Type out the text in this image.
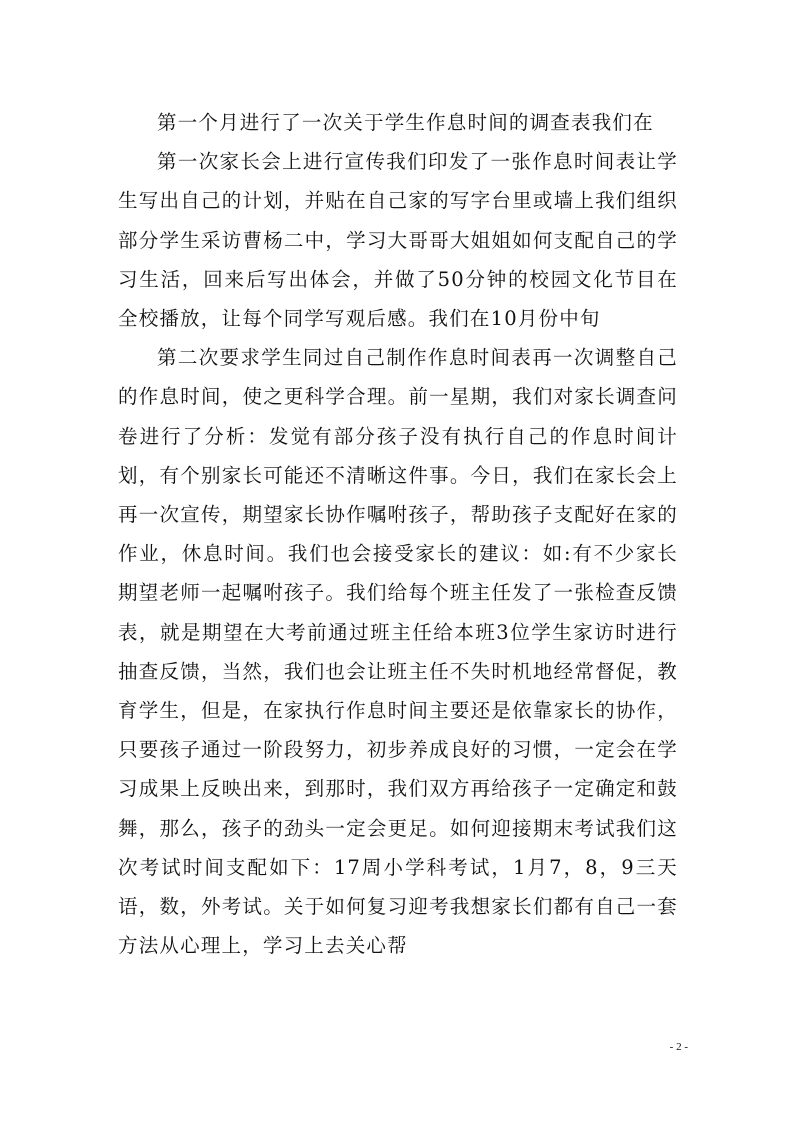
第一个月进行了一次关于学生作息时间的调查表我们在

第一次家长会上进行宣传我们印发了一张作息时间表让学生写出自己的计划，并贴在自己家的写字台里或墙上我们组织部分学生采访曹杨二中，学习大哥哥大姐姐如何支配自己的学习生活，回来后写出体会，并做了50分钟的校园文化节目在全校播放，让每个同学写观后感。我们在10月份中旬

第二次要求学生同过自己制作作息时间表再一次调整自己的作息时间，使之更科学合理。前一星期，我们对家长调查问卷进行了分析：发觉有部分孩子没有执行自己的作息时间计划，有个别家长可能还不清晰这件事。今日，我们在家长会上再一次宣传，期望家长协作嘱咐孩子，帮助孩子支配好在家的作业，休息时间。我们也会接受家长的建议：如:有不少家长期望老师一起嘱咐孩子。我们给每个班主任发了一张检查反馈表，就是期望在大考前通过班主任给本班3位学生家访时进行抽查反馈，当然，我们也会让班主任不失时机地经常督促，教育学生，但是，在家执行作息时间主要还是依靠家长的协作，只要孩子通过一阶段努力，初步养成良好的习惯，一定会在学习成果上反映出来，到那时，我们双方再给孩子一定确定和鼓舞，那么，孩子的劲头一定会更足。如何迎接期末考试我们这次考试时间支配如下：17周小学科考试，1月7，8，9三天语，数，外考试。关于如何复习迎考我想家长们都有自己一套方法从心理上，学习上去关心帮

- 2 -
